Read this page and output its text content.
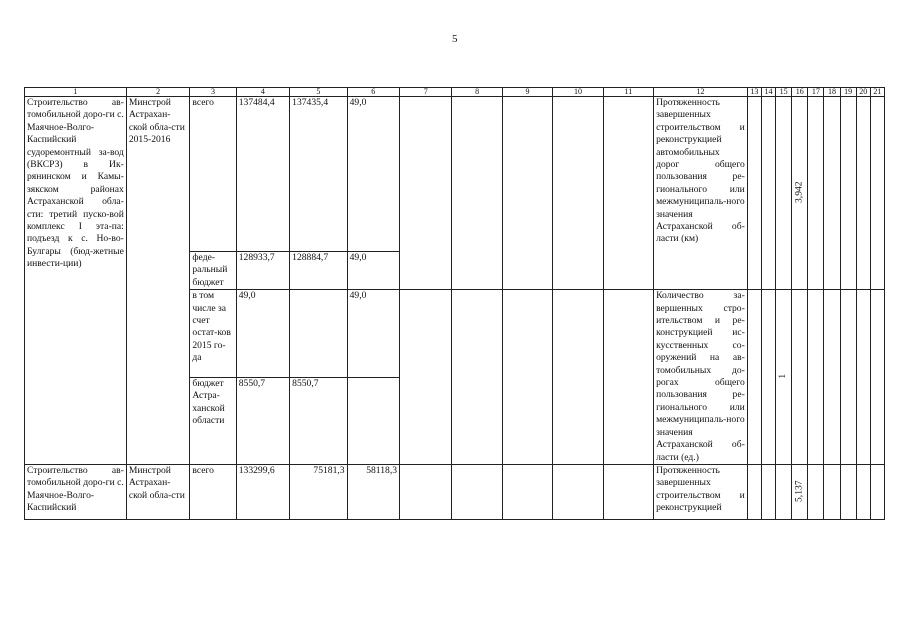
5
1	2	3	4	5	6	7	8	9	10	11	12	13	14	15	16	17	18	19	20	21
Строительство ав-томобильной доро-ги с. Маячное-Волго-Каспийский судоремонтный за-вод (ВКСРЗ) в Ик-рянинском и Камы-зякском районах Астраханской обла-сти: третий пуско-вой комплекс I эта-па: подъезд к с. Но-во-Булгары (бюд-жетные инвести-ции)	Минстрой Астрахан-ской обла-сти 2015-2016	всего	137484,4	137435,4	49,0						Протяженность завершенных строительством и реконструкцией автомобильных дорог общего пользования ре-гионального или межмуниципаль-ного значения Астраханской об-ласти (км)				3,942					

		феде-ральный бюджет	128933,7	128884,7	49,0															
		в том числе за счет остат-ков 2015 го-да	49,0		49,0						Количество за-вершенных стро-ительством и ре-конструкцией ис-кусственных со-оружений на ав-томобильных до-рогах общего пользования ре-гионального или межмуниципаль-ного значения Астраханской об-ласти (ед.)			1						

		бюджет Астра-ханской области	8550,7	8550,7																
Строительство ав-томобильной доро-ги с. Маячное-Волго-Каспийский	Минстрой Астрахан-ской обла-сти	всего	133299,6	75181,3	58118,3						Протяженность завершенных строительством и реконструкцией				5,137					
